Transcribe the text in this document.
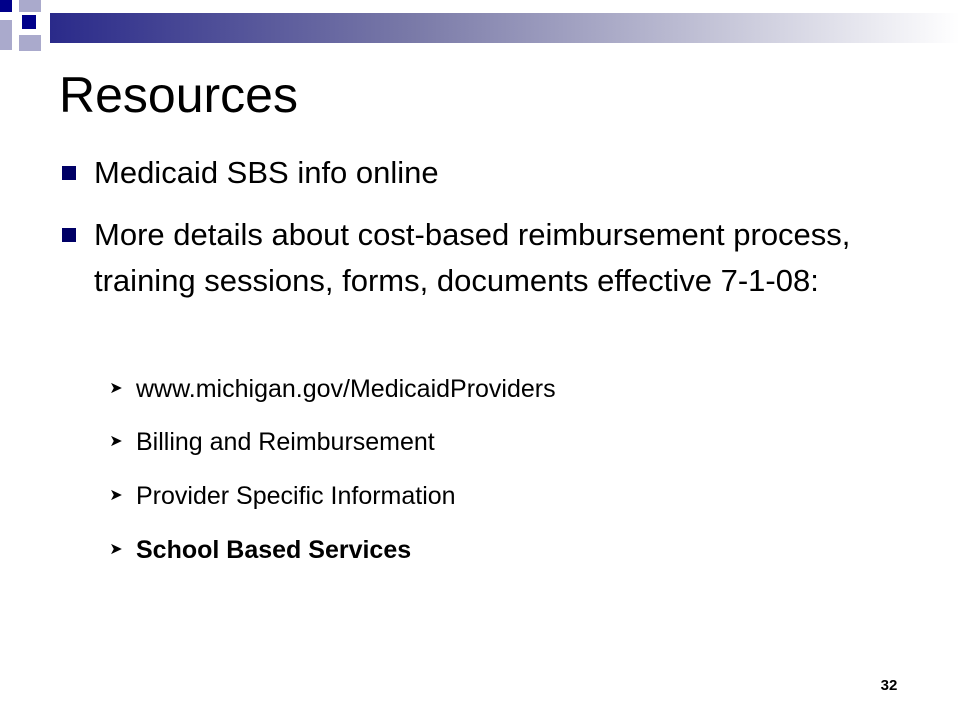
Resources
Medicaid SBS info online
More details about cost-based reimbursement process, training sessions, forms, documents effective 7-1-08:
➤ www.michigan.gov/MedicaidProviders
➤ Billing and Reimbursement
➤ Provider Specific Information
➤ School Based Services
32
